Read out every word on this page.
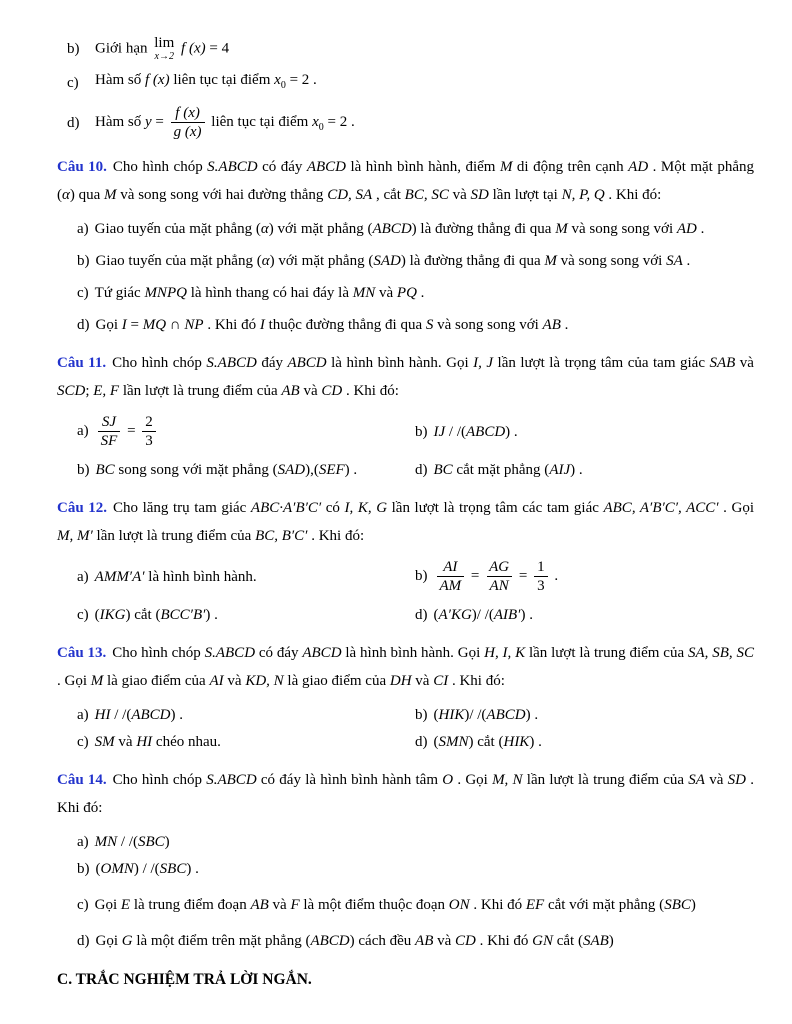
b)	Giới hạn lim
x→2 f (x) = 4
c)	Hàm số f (x) liên tục tại điểm $x_0 = 2$ .
d)	Hàm số $y = \frac{f (x)}{g (x)}$ liên tục tại điểm $x_0 = 2$ .

Câu 10. Cho hình chóp S.ABCD có đáy ABCD là hình bình hành, điểm M di động trên cạnh AD . Một mặt phẳng (α) qua M và song song với hai đường thẳng CD, SA , cắt BC, SC và SD lần lượt tại N, P, Q . Khi đó:

a) Giao tuyến của mặt phẳng (α) với mặt phẳng (ABCD) là đường thẳng đi qua M và song song với AD .
b) Giao tuyến của mặt phẳng (α) với mặt phẳng (SAD) là đường thẳng đi qua M và song song với SA .
c) Tứ giác MNPQ là hình thang có hai đáy là MN và PQ .
d) Gọi I = MQ ∩ NP . Khi đó I thuộc đường thẳng đi qua S và song song với AB .

Câu 11. Cho hình chóp S.ABCD đáy ABCD là hình bình hành. Gọi I, J lần lượt là trọng tâm của tam giác SAB và SCD; E, F lần lượt là trung điểm của AB và CD . Khi đó:

$a) \frac{SJ}{SF} = \frac{2}{3}$	b) IJ / /(ABCD) .
b) BC song song với mặt phẳng (SAD),(SEF) .	d) BC cắt mặt phẳng (AIJ) .

Câu 12. Cho lăng trụ tam giác ABC·A′B′C′ có I, K, G lần lượt là trọng tâm các tam giác ABC, A′B′C′, ACC′ . Gọi M, M′ lần lượt là trung điểm của BC, B′C′ . Khi đó:

a) AMM′A′ là hình bình hành.	$b) \frac{AI}{AM} = \frac{AG}{AN} = \frac{1}{3}$ .
c) (IKG) cắt (BCC′B′) .	d) (A′KG)/ /(AIB′) .

Câu 13. Cho hình chóp S.ABCD có đáy ABCD là hình bình hành. Gọi H, I, K lần lượt là trung điểm của SA, SB, SC . Gọi M là giao điểm của AI và KD, N là giao điểm của DH và CI . Khi đó:

a) HI / /(ABCD) .	b) (HIK)/ /(ABCD) .
c) SM và HI chéo nhau.	d) (SMN) cắt (HIK) .

Câu 14. Cho hình chóp S.ABCD có đáy là hình bình hành tâm O . Gọi M, N lần lượt là trung điểm của SA và SD . Khi đó:

a) MN / /(SBC)
b) (OMN) / /(SBC) .
c) Gọi E là trung điểm đoạn AB và F là một điểm thuộc đoạn ON . Khi đó EF cắt với mặt phẳng (SBC)
d) Gọi G là một điểm trên mặt phẳng (ABCD) cách đều AB và CD . Khi đó GN cắt (SAB)

C. TRẮC NGHIỆM TRẢ LỜI NGẮN.
